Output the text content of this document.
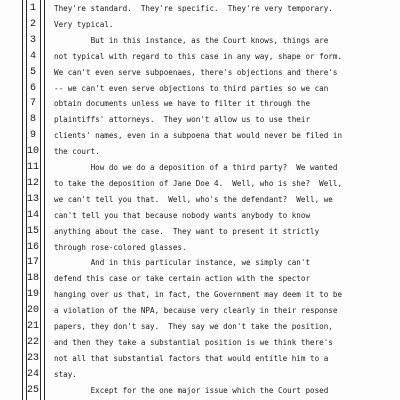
1	They're standard.  They're specific.  They're very temporary.
2	Very typical.
3	But in this instance, as the Court knows, things are
4	not typical with regard to this case in any way, shape or form.
5	We can't even serve subpoenaes, there's objections and there's
6	-- we can't even serve objections to third parties so we can
7	obtain documents unless we have to filter it through the
8	plaintiffs' attorneys.  They won't allow us to use their
9	clients' names, even in a subpoena that would never be filed in
10 the court.
11 How do we do a deposition of a third party?  We wanted
12 to take the deposition of Jane Doe 4.  Well, who is she?  Well,
13 we can't tell you that.  Well, who's the defendant?  Well, we
14 can't tell you that because nobody wants anybody to know
15 anything about the case.  They want to present it strictly
16 through rose-colored glasses.
17 And in this particular instance, we simply can't
18 defend this case or take certain action with the spector
19 hanging over us that, in fact, the Government may deem it to be
20 a violation of the NPA, because very clearly in their response
21 papers, they don't say.  They say we don't take the position,
22 and then they take a substantial position is we think there's
23 not all that substantial factors that would entitle him to a
24 stay.
25 Except for the one major issue which the Court posed
